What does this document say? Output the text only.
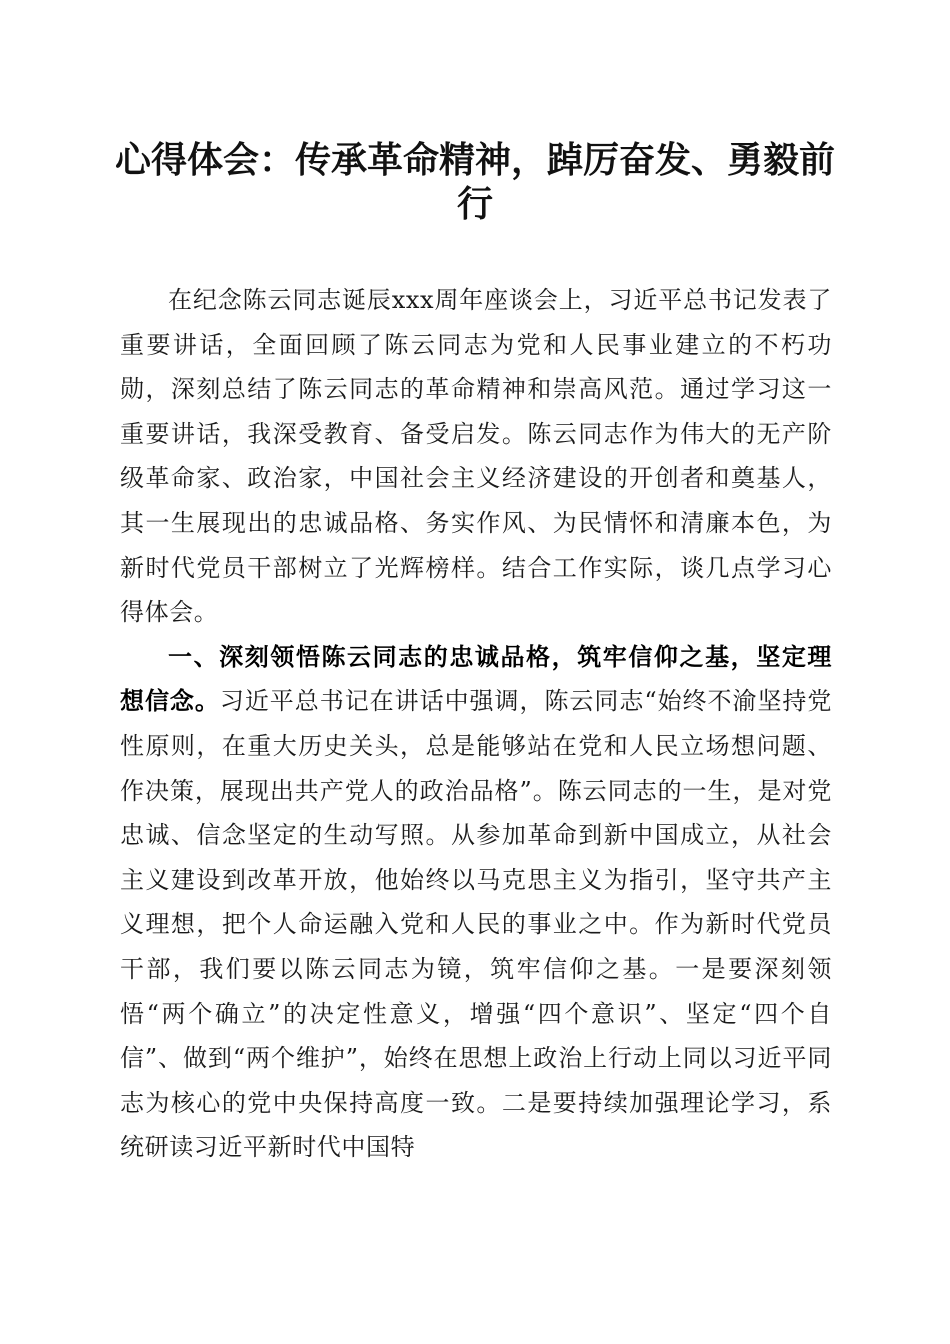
心得体会：传承革命精神，踔厉奋发、勇毅前行

在纪念陈云同志诞辰xxx周年座谈会上，习近平总书记发表了重要讲话，全面回顾了陈云同志为党和人民事业建立的不朽功勋，深刻总结了陈云同志的革命精神和崇高风范。通过学习这一重要讲话，我深受教育、备受启发。陈云同志作为伟大的无产阶级革命家、政治家，中国社会主义经济建设的开创者和奠基人，其一生展现出的忠诚品格、务实作风、为民情怀和清廉本色，为新时代党员干部树立了光辉榜样。结合工作实际，谈几点学习心得体会。

一、深刻领悟陈云同志的忠诚品格，筑牢信仰之基，坚定理想信念。习近平总书记在讲话中强调，陈云同志“始终不渝坚持党性原则，在重大历史关头，总是能够站在党和人民立场想问题、作决策，展现出共产党人的政治品格”。陈云同志的一生，是对党忠诚、信念坚定的生动写照。从参加革命到新中国成立，从社会主义建设到改革开放，他始终以马克思主义为指引，坚守共产主义理想，把个人命运融入党和人民的事业之中。作为新时代党员干部，我们要以陈云同志为镜，筑牢信仰之基。一是要深刻领悟“两个确立”的决定性意义，增强“四个意识”、坚定“四个自信”、做到“两个维护”，始终在思想上政治上行动上同以习近平同志为核心的党中央保持高度一致。二是要持续加强理论学习，系统研读习近平新时代中国特
